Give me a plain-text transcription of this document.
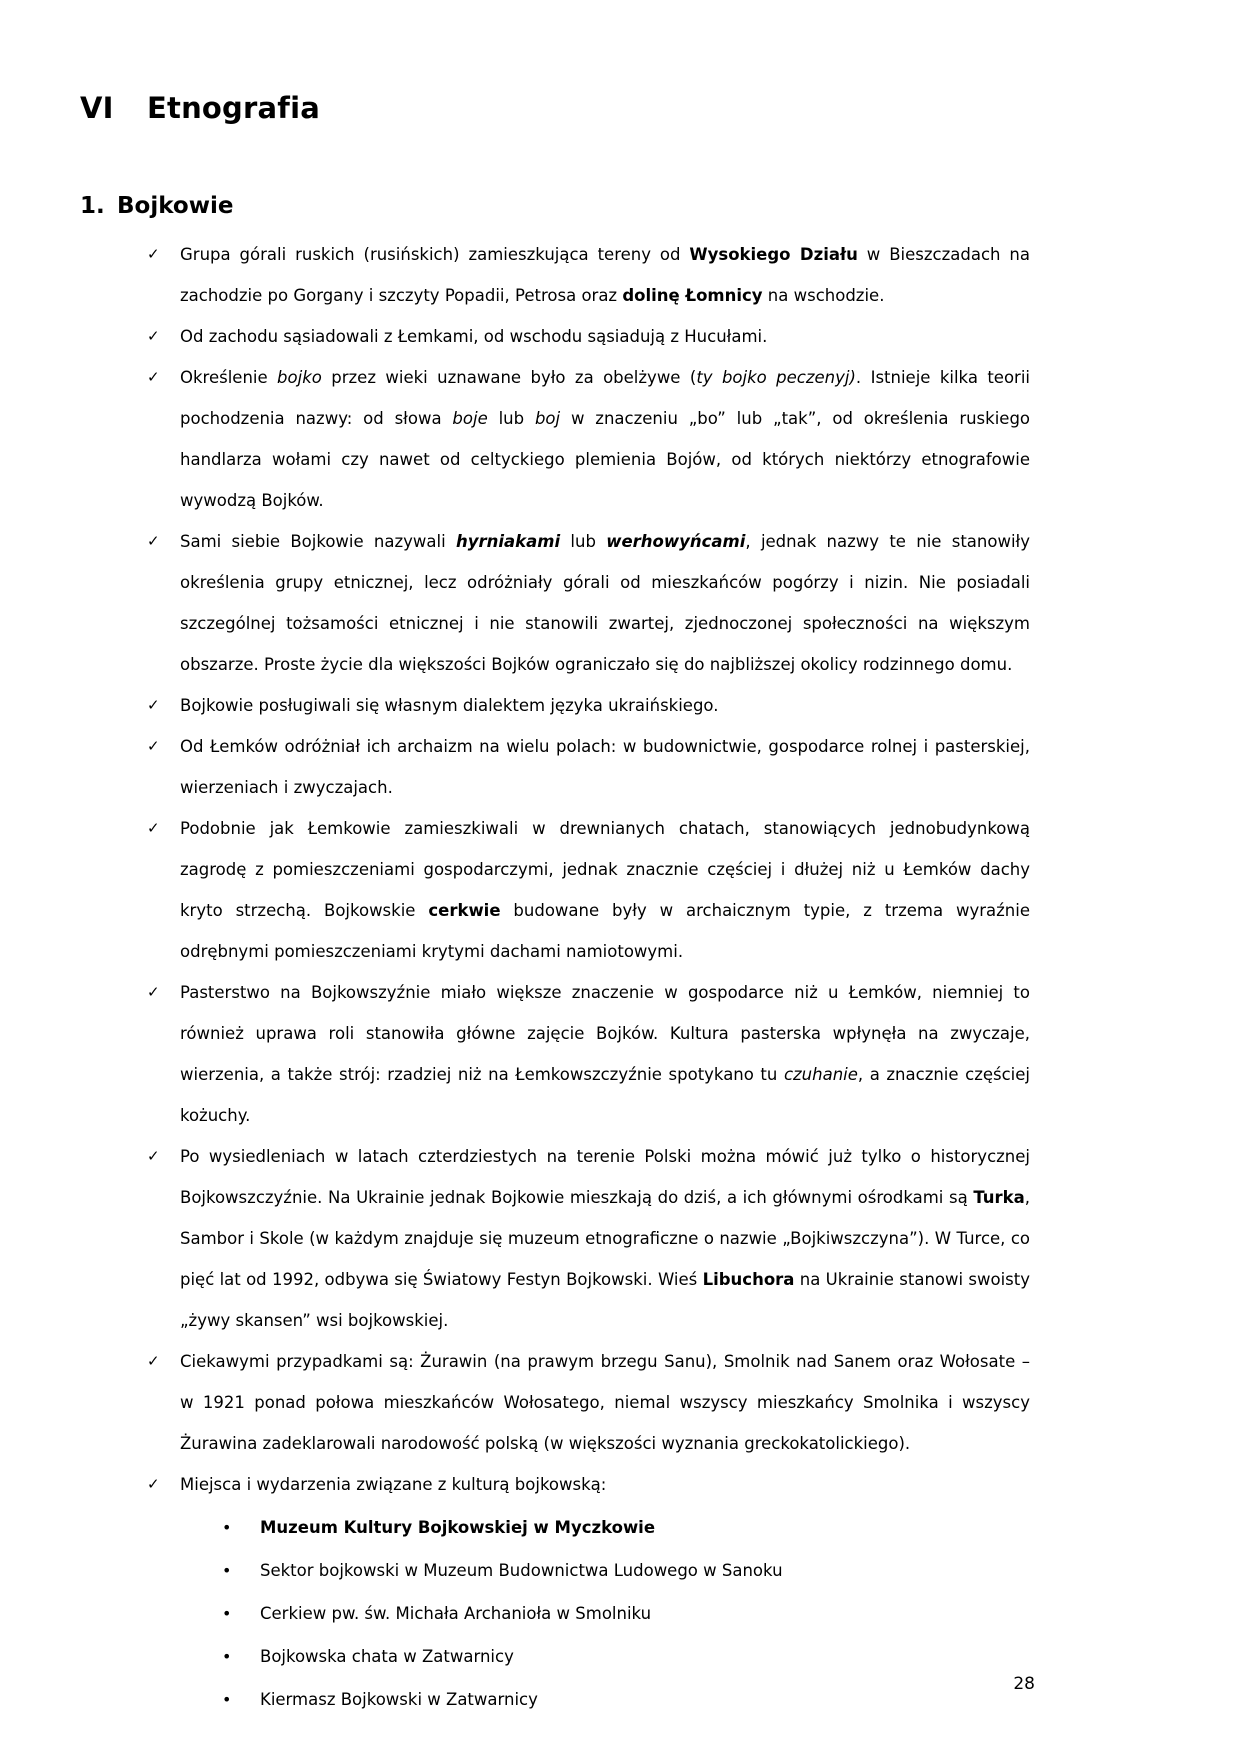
VI Etnografia
1. Bojkowie
✓	Grupa górali ruskich (rusińskich) zamieszkująca tereny od Wysokiego Działu w Bieszczadach na zachodzie po Gorgany i szczyty Popadii, Petrosa oraz dolinę Łomnicy na wschodzie.
✓	Od zachodu sąsiadowali z Łemkami, od wschodu sąsiadują z Hucułami.
✓	Określenie bojko przez wieki uznawane było za obelżywe (ty bojko peczenyj). Istnieje kilka teorii pochodzenia nazwy: od słowa boje lub boj w znaczeniu „bo” lub „tak”, od określenia ruskiego handlarza wołami czy nawet od celtyckiego plemienia Bojów, od których niektórzy etnografowie wywodzą Bojków.
✓	Sami siebie Bojkowie nazywali hyrniakami lub werhowyńcami, jednak nazwy te nie stanowiły określenia grupy etnicznej, lecz odróżniały górali od mieszkańców pogórzy i nizin. Nie posiadali szczególnej tożsamości etnicznej i nie stanowili zwartej, zjednoczonej społeczności na większym obszarze. Proste życie dla większości Bojków ograniczało się do najbliższej okolicy rodzinnego domu.
✓	Bojkowie posługiwali się własnym dialektem języka ukraińskiego.
✓	Od Łemków odróżniał ich archaizm na wielu polach: w budownictwie, gospodarce rolnej i pasterskiej, wierzeniach i zwyczajach.
✓	Podobnie jak Łemkowie zamieszkiwali w drewnianych chatach, stanowiących jednobudynkową zagrodę z pomieszczeniami gospodarczymi, jednak znacznie częściej i dłużej niż u Łemków dachy kryto strzechą. Bojkowskie cerkwie budowane były w archaicznym typie, z trzema wyraźnie odrębnymi pomieszczeniami krytymi dachami namiotowymi.
✓	Pasterstwo na Bojkowszyźnie miało większe znaczenie w gospodarce niż u Łemków, niemniej to również uprawa roli stanowiła główne zajęcie Bojków. Kultura pasterska wpłynęła na zwyczaje, wierzenia, a także strój: rzadziej niż na Łemkowszczyźnie spotykano tu czuhanie, a znacznie częściej kożuchy.
✓	Po wysiedleniach w latach czterdziestych na terenie Polski można mówić już tylko o historycznej Bojkowszczyźnie. Na Ukrainie jednak Bojkowie mieszkają do dziś, a ich głównymi ośrodkami są Turka, Sambor i Skole (w każdym znajduje się muzeum etnograficzne o nazwie „Bojkiwszczyna”). W Turce, co pięć lat od 1992, odbywa się Światowy Festyn Bojkowski. Wieś Libuchora na Ukrainie stanowi swoisty „żywy skansen” wsi bojkowskiej.
✓	Ciekawymi przypadkami są: Żurawin (na prawym brzegu Sanu), Smolnik nad Sanem oraz Wołosate – w 1921 ponad połowa mieszkańców Wołosatego, niemal wszyscy mieszkańcy Smolnika i wszyscy Żurawina zadeklarowali narodowość polską (w większości wyznania greckokatolickiego).
✓	Miejsca i wydarzenia związane z kulturą bojkowską:
•	Muzeum Kultury Bojkowskiej w Myczkowie
•	Sektor bojkowski w Muzeum Budownictwa Ludowego w Sanoku
•	Cerkiew pw. św. Michała Archanioła w Smolniku
•	Bojkowska chata w Zatwarnicy
•	Kiermasz Bojkowski w Zatwarnicy
28
